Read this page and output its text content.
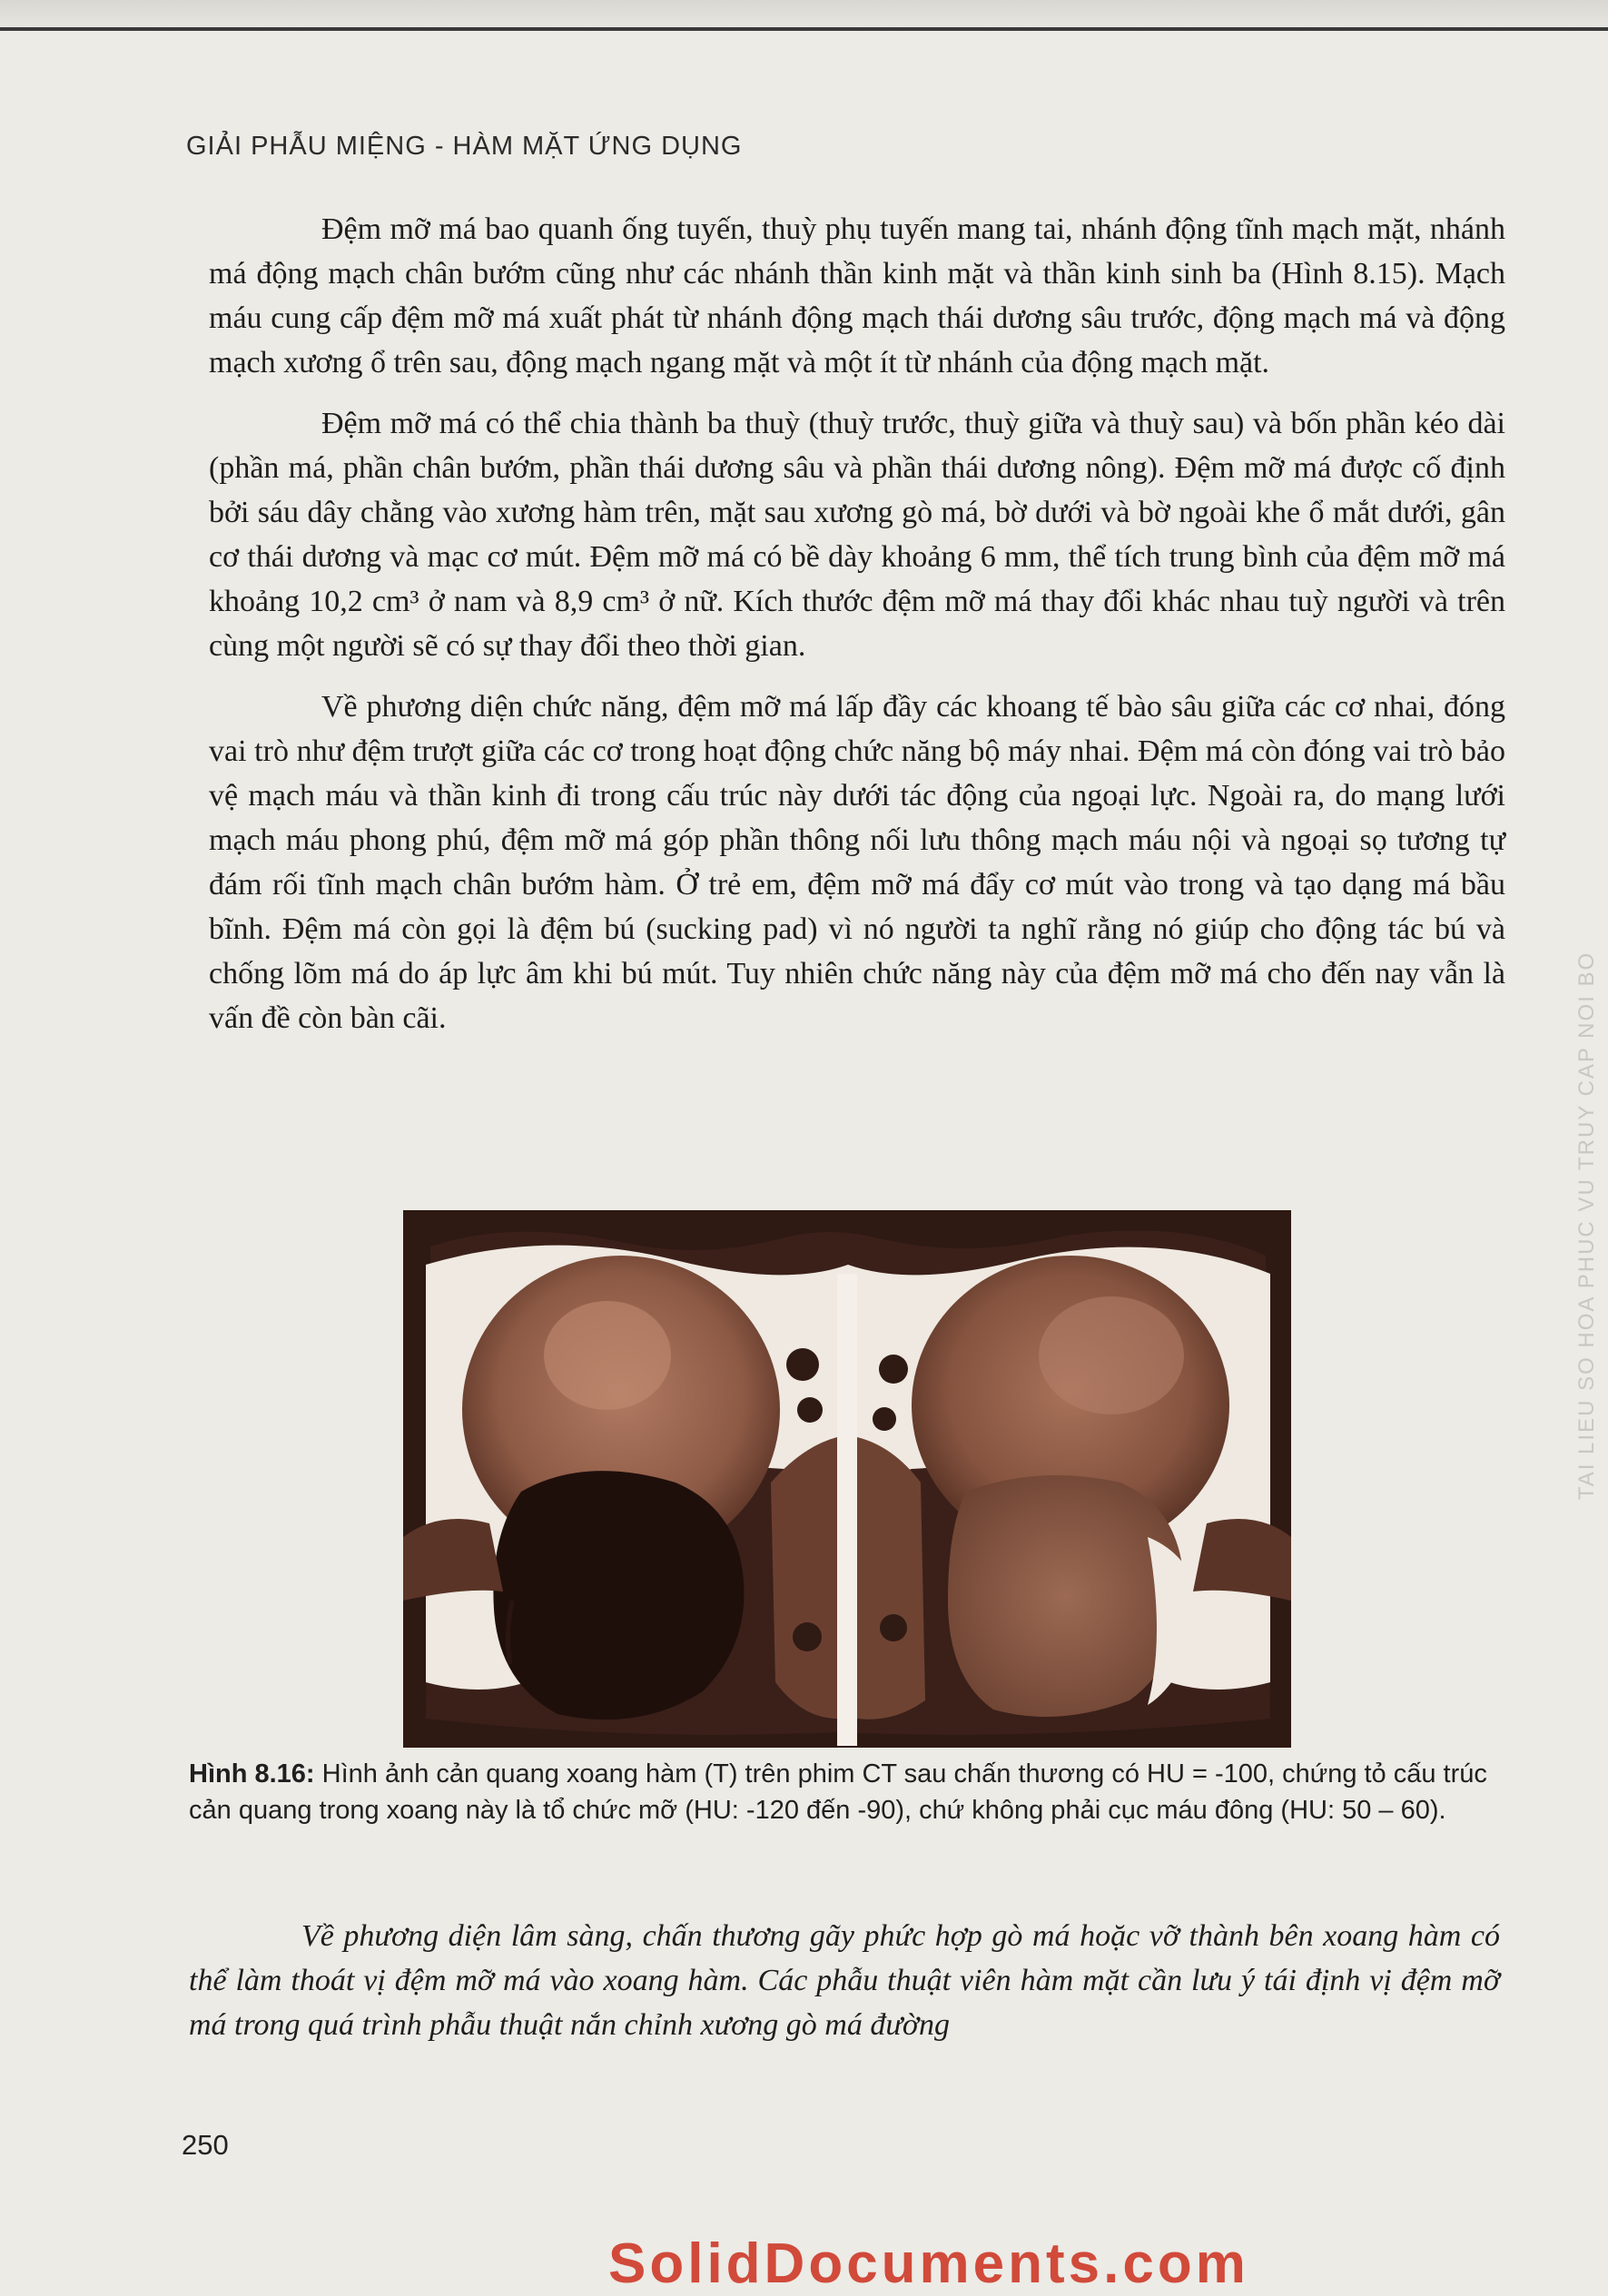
GIẢI PHẪU MIỆNG - HÀM MẶT ỨNG DỤNG

Đệm mỡ má bao quanh ống tuyến, thuỳ phụ tuyến mang tai, nhánh động tĩnh mạch mặt, nhánh má động mạch chân bướm cũng như các nhánh thần kinh mặt và thần kinh sinh ba (Hình 8.15). Mạch máu cung cấp đệm mỡ má xuất phát từ nhánh động mạch thái dương sâu trước, động mạch má và động mạch xương ổ trên sau, động mạch ngang mặt và một ít từ nhánh của động mạch mặt.

Đệm mỡ má có thể chia thành ba thuỳ (thuỳ trước, thuỳ giữa và thuỳ sau) và bốn phần kéo dài (phần má, phần chân bướm, phần thái dương sâu và phần thái dương nông). Đệm mỡ má được cố định bởi sáu dây chằng vào xương hàm trên, mặt sau xương gò má, bờ dưới và bờ ngoài khe ổ mắt dưới, gân cơ thái dương và mạc cơ mút. Đệm mỡ má có bề dày khoảng 6 mm, thể tích trung bình của đệm mỡ má khoảng 10,2 cm³ ở nam và 8,9 cm³ ở nữ. Kích thước đệm mỡ má thay đổi khác nhau tuỳ người và trên cùng một người sẽ có sự thay đổi theo thời gian.

Về phương diện chức năng, đệm mỡ má lấp đầy các khoang tế bào sâu giữa các cơ nhai, đóng vai trò như đệm trượt giữa các cơ trong hoạt động chức năng bộ máy nhai. Đệm má còn đóng vai trò bảo vệ mạch máu và thần kinh đi trong cấu trúc này dưới tác động của ngoại lực. Ngoài ra, do mạng lưới mạch máu phong phú, đệm mỡ má góp phần thông nối lưu thông mạch máu nội và ngoại sọ tương tự đám rối tĩnh mạch chân bướm hàm. Ở trẻ em, đệm mỡ má đẩy cơ mút vào trong và tạo dạng má bầu bĩnh. Đệm má còn gọi là đệm bú (sucking pad) vì nó người ta nghĩ rằng nó giúp cho động tác bú và chống lõm má do áp lực âm khi bú mút. Tuy nhiên chức năng này của đệm mỡ má cho đến nay vẫn là vấn đề còn bàn cãi.

Hình 8.16: Hình ảnh cản quang xoang hàm (T) trên phim CT sau chấn thương có HU = -100, chứng tỏ cấu trúc cản quang trong xoang này là tổ chức mỡ (HU: -120 đến -90), chứ không phải cục máu đông (HU: 50 – 60).

Về phương diện lâm sàng, chấn thương gãy phức hợp gò má hoặc vỡ thành bên xoang hàm có thể làm thoát vị đệm mỡ má vào xoang hàm. Các phẫu thuật viên hàm mặt cần lưu ý tái định vị đệm mỡ má trong quá trình phẫu thuật nắn chỉnh xương gò má đường

250
TAI LIEU SO HOA PHUC VU TRUY CAP NOI BO
SolidDocuments.com
